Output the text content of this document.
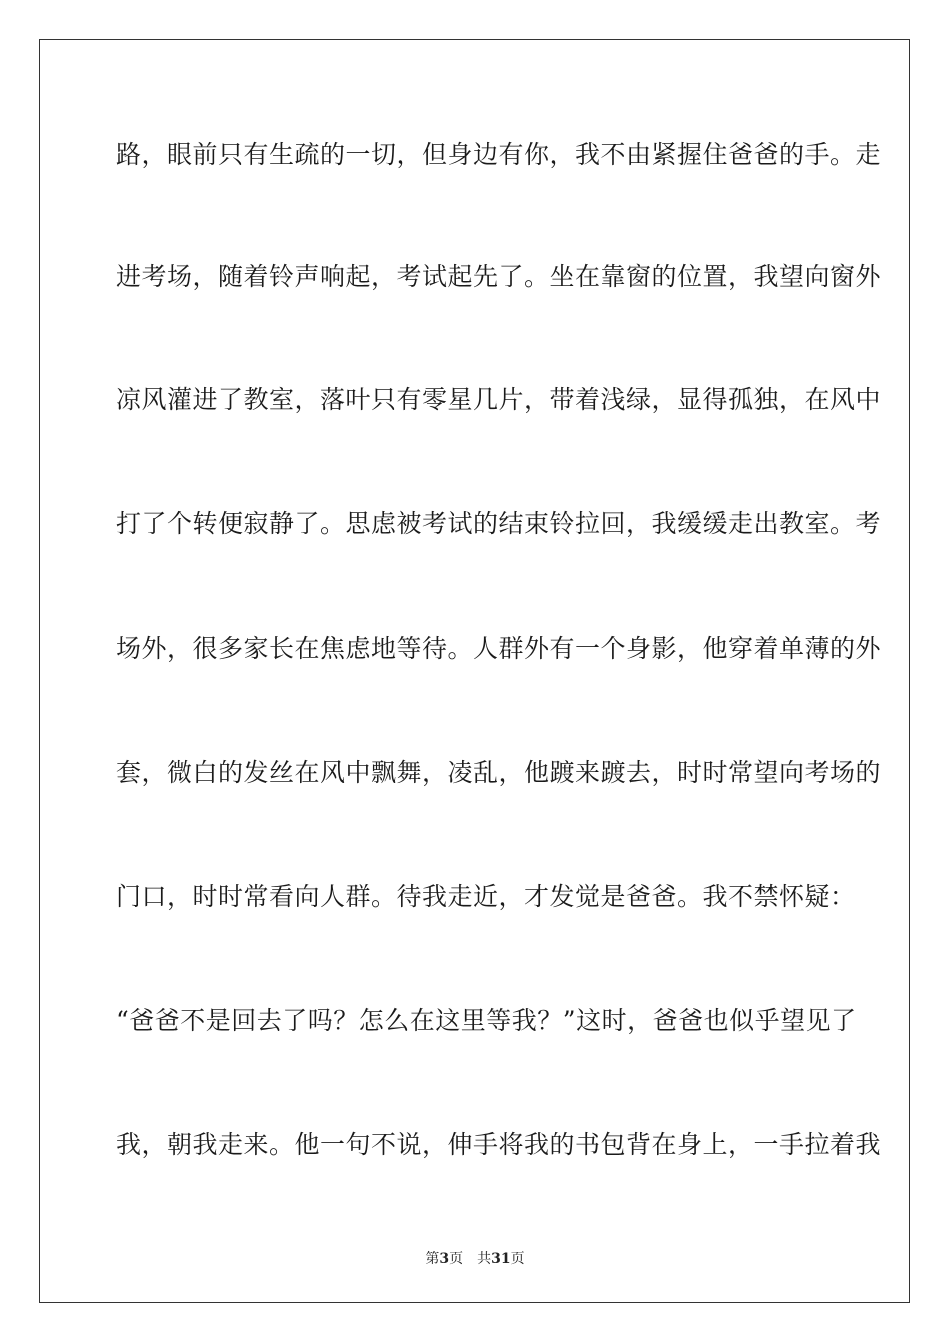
路，眼前只有生疏的一切，但身边有你，我不由紧握住爸爸的手。走
进考场，随着铃声响起，考试起先了。坐在靠窗的位置，我望向窗外
凉风灌进了教室，落叶只有零星几片，带着浅绿，显得孤独，在风中
打了个转便寂静了。思虑被考试的结束铃拉回，我缓缓走出教室。考
场外，很多家长在焦虑地等待。人群外有一个身影，他穿着单薄的外
套，微白的发丝在风中飘舞，凌乱，他踱来踱去，时时常望向考场的
门口，时时常看向人群。待我走近，才发觉是爸爸。我不禁怀疑：
“爸爸不是回去了吗？怎么在这里等我？”这时，爸爸也似乎望见了
我，朝我走来。他一句不说，伸手将我的书包背在身上，一手拉着我
第3页 共31页
